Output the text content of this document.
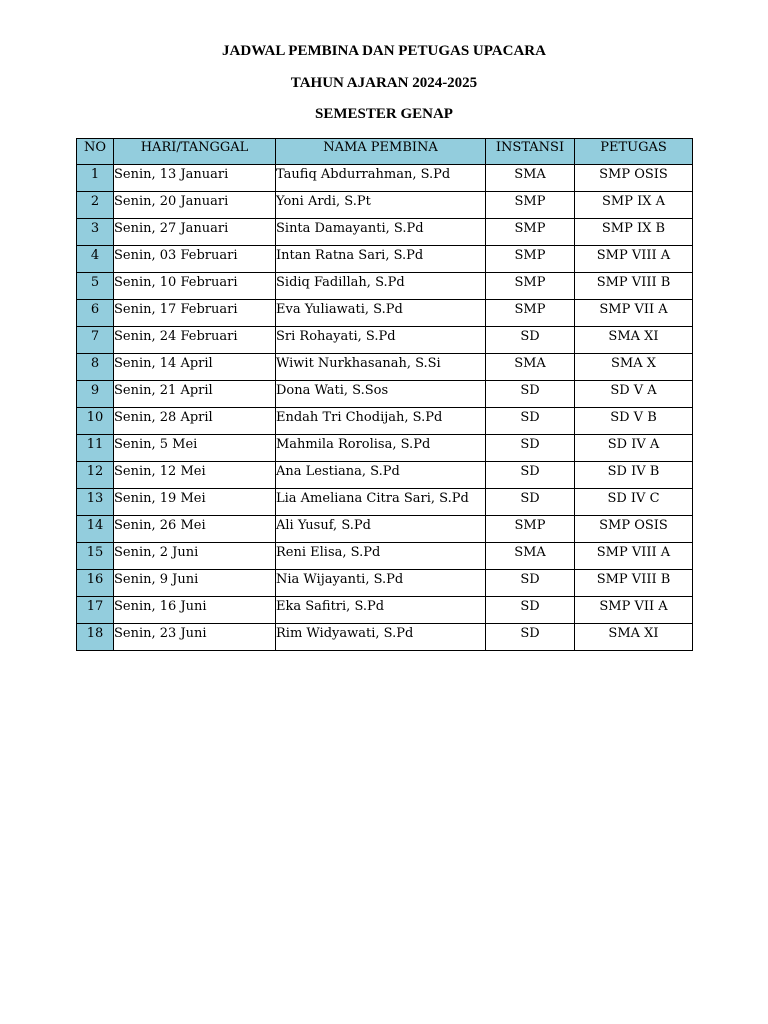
JADWAL PEMBINA DAN PETUGAS UPACARA
TAHUN AJARAN 2024-2025
SEMESTER GENAP
NO	HARI/TANGGAL	NAMA PEMBINA	INSTANSI	PETUGAS
1	Senin, 13 Januari	Taufiq Abdurrahman, S.Pd	SMA	SMP OSIS
2	Senin, 20 Januari	Yoni Ardi, S.Pt	SMP	SMP IX A
3	Senin, 27 Januari	Sinta Damayanti, S.Pd	SMP	SMP IX B
4	Senin, 03 Februari	Intan Ratna Sari, S.Pd	SMP	SMP VIII A
5	Senin, 10 Februari	Sidiq Fadillah, S.Pd	SMP	SMP VIII B
6	Senin, 17 Februari	Eva Yuliawati, S.Pd	SMP	SMP VII A
7	Senin, 24 Februari	Sri Rohayati, S.Pd	SD	SMA XI
8	Senin, 14 April	Wiwit Nurkhasanah, S.Si	SMA	SMA X
9	Senin, 21 April	Dona Wati, S.Sos	SD	SD V A
10	Senin, 28 April	Endah Tri Chodijah, S.Pd	SD	SD V B
11	Senin, 5 Mei	Mahmila Rorolisa, S.Pd	SD	SD IV A
12	Senin, 12 Mei	Ana Lestiana, S.Pd	SD	SD IV B
13	Senin, 19 Mei	Lia Ameliana Citra Sari, S.Pd	SD	SD IV C
14	Senin, 26 Mei	Ali Yusuf, S.Pd	SMP	SMP OSIS
15	Senin, 2 Juni	Reni Elisa, S.Pd	SMA	SMP VIII A
16	Senin, 9 Juni	Nia Wijayanti, S.Pd	SD	SMP VIII B
17	Senin, 16 Juni	Eka Safitri, S.Pd	SD	SMP VII A
18	Senin, 23 Juni	Rim Widyawati, S.Pd	SD	SMA XI
